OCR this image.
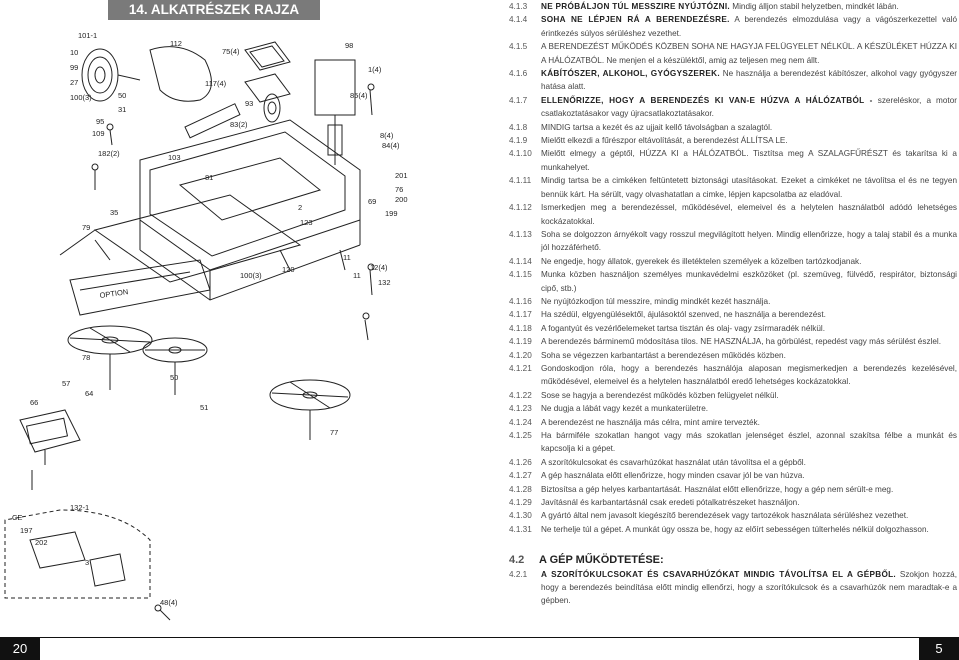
14. ALKATRÉSZEK RAJZA
101-1
10
99
27
100(3)	50
31
95
109
182(2)	103
81
79
35
78
57
64
66
51
132-1
197
202
3
48(4)
112
75(4)
117(4)
93
83(2)
98
85(4)
1(4)
8(4)
201
76
200
2
123
100(3)
120
11
12(4)
11
132
69
199
84(4)
50
77
OPTION
CE
20	5
4.1.3	NE PRÓBÁLJON TÚL MESSZIRE NYÚJTÓZNI. Mindig álljon stabil helyzetben, mindkét lábán.
4.1.4	SOHA NE LÉPJEN RÁ A BERENDEZÉSRE. A berendezés elmozdulása vagy a vágószerkezettel való érintkezés súlyos sérüléshez vezethet.
4.1.5	A BERENDEZÉST MŰKÖDÉS KÖZBEN SOHA NE HAGYJA FELÜGYELET NÉLKÜL. A KÉSZÜLÉKET HÚZZA KI A HÁLÓZATBÓL. Ne menjen el a készüléktől, amig az teljesen meg nem állt.
4.1.6	KÁBÍTÓSZER, ALKOHOL, GYÓGYSZEREK. Ne használja a berendezést kábítószer, alkohol vagy gyógyszer hatása alatt.
4.1.7	ELLENŐRIZZE, HOGY A BERENDEZÉS KI VAN-E HÚZVA A HÁLÓZATBÓL - szereléskor, a motor csatlakoztatásakor vagy újracsatlakoztatásakor.
4.1.8	MINDIG tartsa a kezét és az ujjait kellő távolságban a szalagtól.
4.1.9	Mielőtt elkezdi a fűrészpor eltávolítását, a berendezést ÁLLÍTSA LE.
4.1.10	Mielőtt elmegy a géptől, HÚZZA KI a HÁLÓZATBÓL. Tisztítsa meg A SZALAGFŰRÉSZT és takarítsa ki a munkahelyet.
4.1.11	Mindig tartsa be a cimkéken feltüntetett biztonsági utasításokat. Ezeket a cimkéket ne távolítsa el és ne tegyen bennük kárt. Ha sérült, vagy olvashatatlan a cimke, lépjen kapcsolatba az eladóval.
4.1.12	Ismerkedjen meg a berendezéssel, működésével, elemeivel és a helytelen használatból adódó lehetséges kockázatokkal.
4.1.13	Soha se dolgozzon árnyékolt vagy rosszul megvilágított helyen. Mindig ellenőrizze, hogy a talaj stabil és a munka jól hozzáférhető.
4.1.14	Ne engedje, hogy állatok, gyerekek és illetéktelen személyek a közelben tartózkodjanak.
4.1.15	Munka közben használjon személyes munkavédelmi eszközöket (pl. szemüveg, fülvédő, respirátor, biztonsági cipő, stb.)
4.1.16	Ne nyújtózkodjon túl messzire, mindig mindkét kezét használja.
4.1.17	Ha szédül, elgyengülésektől, ájulásoktól szenved, ne használja a berendezést.
4.1.18	A fogantyút és vezérlőelemeket tartsa tisztán és olaj- vagy zsírmaradék nélkül.
4.1.19	A berendezés bárminemű módosítása tilos. NE HASZNÁLJA, ha görbülést, repedést vagy más sérülést észlel.
4.1.20	Soha se végezzen karbantartást a berendezésen működés közben.
4.1.21	Gondoskodjon róla, hogy a berendezés használója alaposan megismerkedjen a berendezés kezelésével, működésével, elemeivel és a helytelen használatból eredő lehetséges kockázatokkal.
4.1.22	Sose se hagyja a berendezést működés közben felügyelet nélkül.
4.1.23	Ne dugja a lábát vagy kezét a munkaterületre.
4.1.24	A berendezést ne használja más célra, mint amire tervezték.
4.1.25	Ha bármiféle szokatlan hangot vagy más szokatlan jelenséget észlel, azonnal szakítsa félbe a munkát és kapcsolja ki a gépet.
4.1.26	A szorítókulcsokat és csavarhúzókat használat után távolítsa el a gépből.
4.1.27	A gép használata előtt ellenőrizze, hogy minden csavar jól be van húzva.
4.1.28	Biztosítsa a gép helyes karbantartását. Használat előtt ellenőrizze, hogy a gép nem sérült-e meg.
4.1.29	Javításnál és karbantartásnál csak eredeti pótalkatrészeket használjon.
4.1.30	A gyártó által nem javasolt kiegészítő berendezések vagy tartozékok használata sérüléshez vezethet.
4.1.31	Ne terhelje túl a gépet. A munkát úgy ossza be, hogy az előírt sebességen túlterhelés nélkül dolgozhasson.
4.2	A GÉP MŰKÖDTETÉSE:
4.2.1	A SZORÍTÓKULCSOKAT ÉS CSAVARHÚZÓKAT MINDIG TÁVOLÍTSA EL A GÉPBŐL. Szokjon hozzá, hogy a berendezés beindítása előtt mindig ellenőrzi, hogy a szorítókulcsok és a csavarhúzók nem maradtak-e a gépben.
